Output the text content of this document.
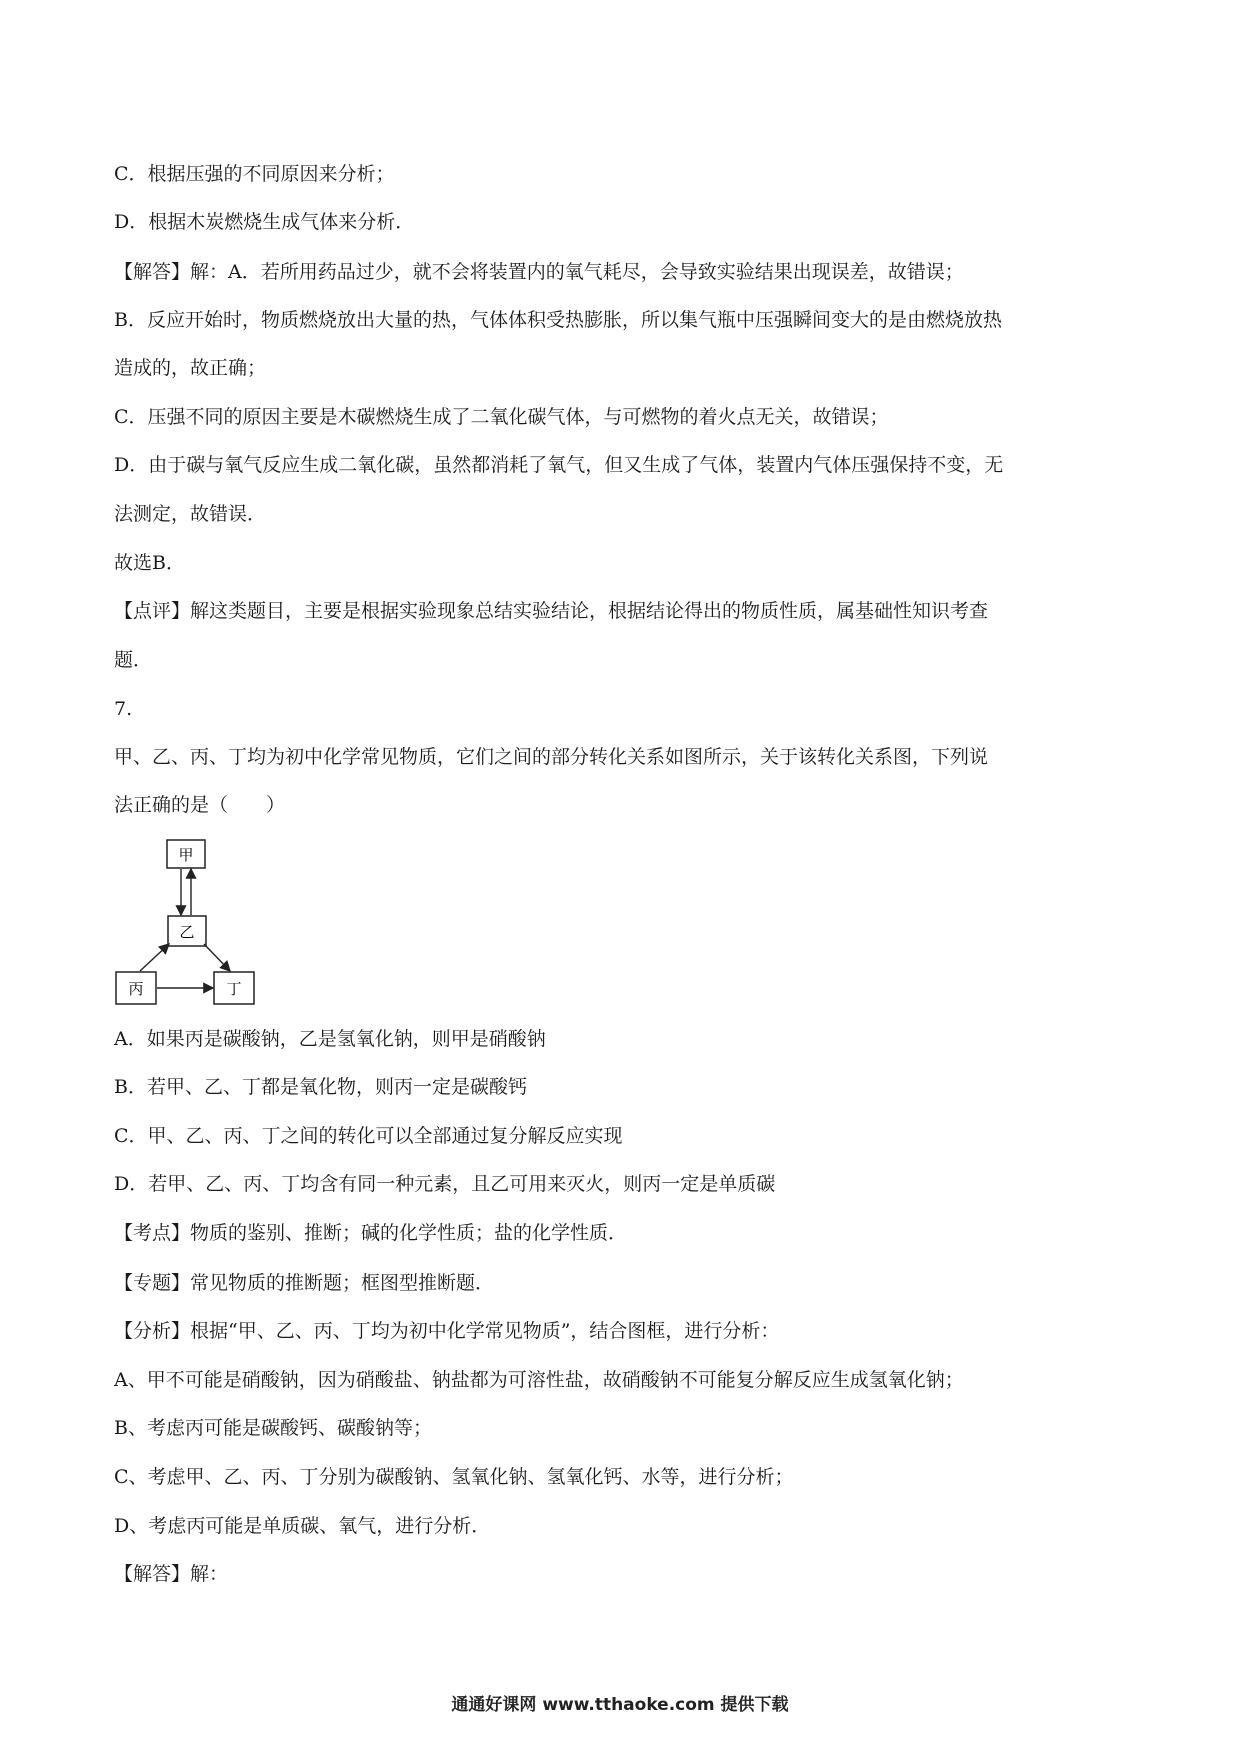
C．根据压强的不同原因来分析；
D．根据木炭燃烧生成气体来分析．
【解答】解：A．若所用药品过少，就不会将装置内的氧气耗尽，会导致实验结果出现误差，故错误；
B．反应开始时，物质燃烧放出大量的热，气体体积受热膨胀，所以集气瓶中压强瞬间变大的是由燃烧放热
造成的，故正确；
C．压强不同的原因主要是木碳燃烧生成了二氧化碳气体，与可燃物的着火点无关，故错误；
D．由于碳与氧气反应生成二氧化碳，虽然都消耗了氧气，但又生成了气体，装置内气体压强保持不变，无
法测定，故错误．
故选B．
【点评】解这类题目，主要是根据实验现象总结实验结论，根据结论得出的物质性质，属基础性知识考查
题．
7.
甲、乙、丙、丁均为初中化学常见物质，它们之间的部分转化关系如图所示，关于该转化关系图，下列说
法正确的是（　　）
甲
乙
丙	丁
A．如果丙是碳酸钠，乙是氢氧化钠，则甲是硝酸钠
B．若甲、乙、丁都是氧化物，则丙一定是碳酸钙
C．甲、乙、丙、丁之间的转化可以全部通过复分解反应实现
D．若甲、乙、丙、丁均含有同一种元素，且乙可用来灭火，则丙一定是单质碳
【考点】物质的鉴别、推断；碱的化学性质；盐的化学性质．
【专题】常见物质的推断题；框图型推断题．
【分析】根据“甲、乙、丙、丁均为初中化学常见物质”，结合图框，进行分析：
A、甲不可能是硝酸钠，因为硝酸盐、钠盐都为可溶性盐，故硝酸钠不可能复分解反应生成氢氧化钠；
B、考虑丙可能是碳酸钙、碳酸钠等；
C、考虑甲、乙、丙、丁分别为碳酸钠、氢氧化钠、氢氧化钙、水等，进行分析；
D、考虑丙可能是单质碳、氧气，进行分析．
【解答】解：
通通好课网 www.tthaoke.com 提供下载
